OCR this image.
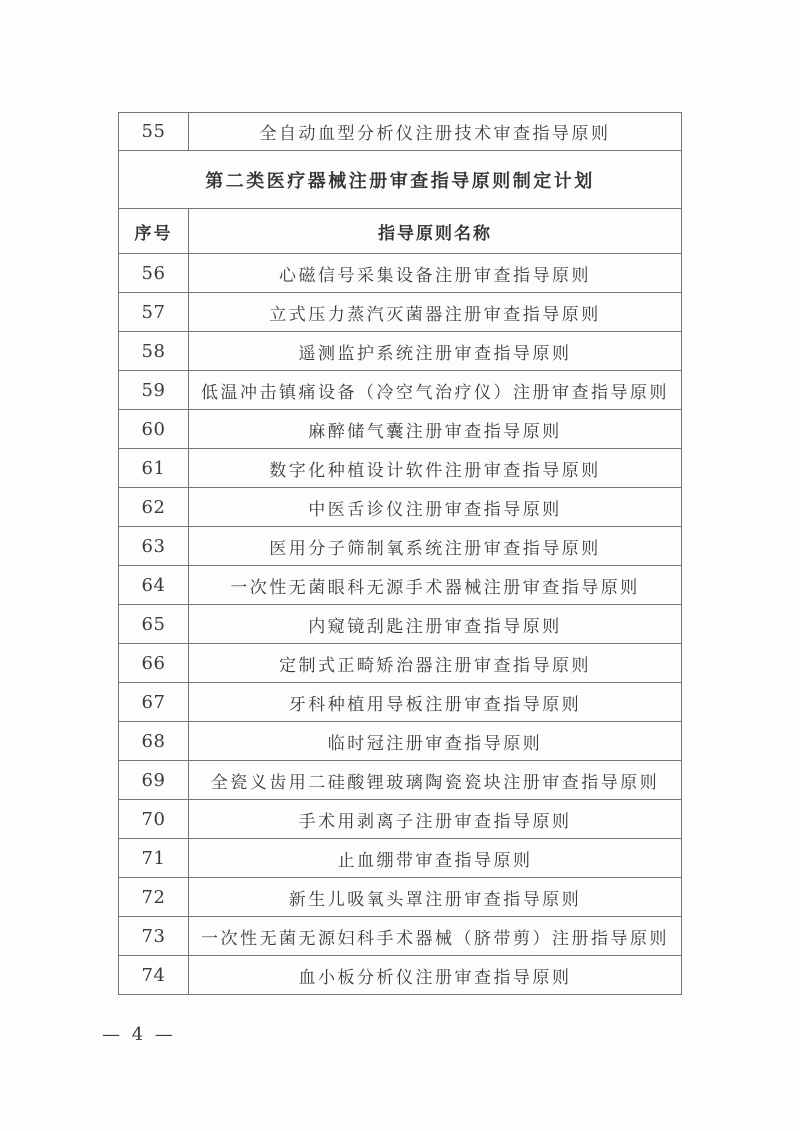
55	全自动血型分析仪注册技术审查指导原则
第二类医疗器械注册审查指导原则制定计划	
序号	指导原则名称
56	心磁信号采集设备注册审查指导原则
57	立式压力蒸汽灭菌器注册审查指导原则
58	遥测监护系统注册审查指导原则
59	低温冲击镇痛设备（冷空气治疗仪）注册审查指导原则
60	麻醉储气囊注册审查指导原则
61	数字化种植设计软件注册审查指导原则
62	中医舌诊仪注册审查指导原则
63	医用分子筛制氧系统注册审查指导原则
64	一次性无菌眼科无源手术器械注册审查指导原则
65	内窥镜刮匙注册审查指导原则
66	定制式正畸矫治器注册审查指导原则
67	牙科种植用导板注册审查指导原则
68	临时冠注册审查指导原则
69	全瓷义齿用二硅酸锂玻璃陶瓷瓷块注册审查指导原则
70	手术用剥离子注册审查指导原则
71	止血绷带审查指导原则
72	新生儿吸氧头罩注册审查指导原则
73	一次性无菌无源妇科手术器械（脐带剪）注册指导原则
74	血小板分析仪注册审查指导原则
— 4 —
